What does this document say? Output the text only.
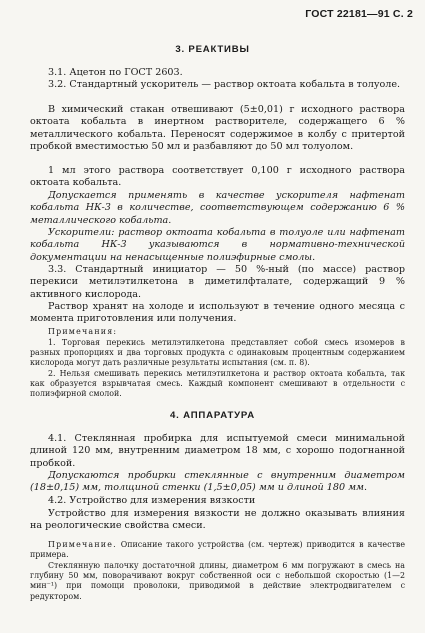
ГОСТ 22181—91 С. 2
3. РЕАКТИВЫ

3.1. Ацетон по ГОСТ 2603.

3.2. Стандартный ускоритель — раствор октоата кобальта в толуоле.

В химический стакан отвешивают (5±0,01) г исходного раствора октоата кобальта в инертном растворителе, содержащего 6 % металлического кобальта. Переносят содержимое в колбу с притертой пробкой вместимостью 50 мл и разбавляют до 50 мл толуолом.

1 мл этого раствора соответствует 0,100 г исходного раствора октоата кобальта.

Допускается применять в качестве ускорителя нафтенат кобальта НК-3 в количестве, соответствующем содержанию 6 % металлического кобальта.

Ускорители: раствор октоата кобальта в толуоле или нафтенат кобальта НК-3 указываются в нормативно-технической документации на ненасыщенные полиэфирные смолы.

3.3. Стандартный инициатор — 50 %-ный (по массе) раствор перекиси метилэтилкетона в диметилфталате, содержащий 9 % активного кислорода.

Раствор хранят на холоде и используют в течение одного месяца с момента приготовления или получения.

Примечания:

1. Торговая перекись метилэтилкетона представляет собой смесь изомеров в разных пропорциях и два торговых продукта с одинаковым процентным содержанием кислорода могут дать различные результаты испытания (см. п. 8).

2. Нельзя смешивать перекись метилэтилкетона и раствор октоата кобальта, так как образуется взрывчатая смесь. Каждый компонент смешивают в отдельности с полиэфирной смолой.

4. АППАРАТУРА

4.1. Стеклянная пробирка для испытуемой смеси минимальной длиной 120 мм, внутренним диаметром 18 мм, с хорошо подогнанной пробкой.

Допускаются пробирки стеклянные с внутренним диаметром (18±0,15) мм, толщиной стенки (1,5±0,05) мм и длиной 180 мм.

4.2. Устройство для измерения вязкости

Устройство для измерения вязкости не должно оказывать влияния на реологические свойства смеси.

Примечание. Описание такого устройства (см. чертеж) приводится в качестве примера.

Стеклянную палочку достаточной длины, диаметром 6 мм погружают в смесь на глубину 50 мм, поворачивают вокруг собственной оси с небольшой скоростью (1—2 мин⁻¹) при помощи проволоки, приводимой в действие электродвигателем с редуктором.
